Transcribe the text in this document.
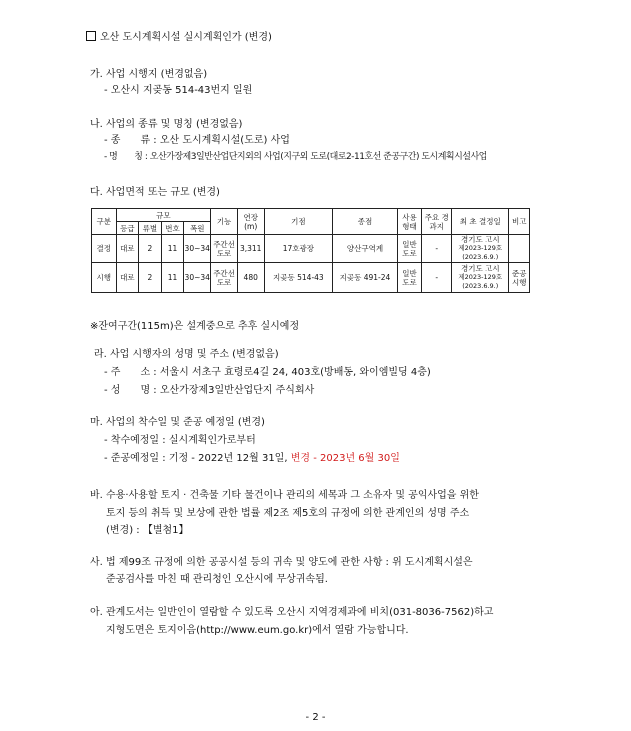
오산 도시계획시설 실시계획인가 (변경)
가. 사업 시행지 (변경없음)
- 오산시 지곶동 514-43번지 일원
나. 사업의 종류 및 명칭 (변경없음)
- 종　　류 : 오산 도시계획시설(도로) 사업
- 명　　칭 : 오산가장제3일반산업단지외의 사업(지구외 도로(대로2-11호선 준공구간) 도시계획시설사업
다. 사업면적 또는 규모 (변경)
구분	규모				기능	연장 (m)	기점	종점	사용 형태	주요 경과지	최 초 결정일	비고
	등급	류별	번호	폭원								
결정	대로	2	11	30~34	주간선 도로	3,311	17호광장	양산구역계	일반 도로	-	경기도 고시
제2023-129호
(2023.6.9.)	

시행	대로	2	11	30~34	주간선 도로	480	지곶동 514-43	지곶동 491-24	일반 도로	-	경기도 고시
제2023-129호
(2023.6.9.)	준공 시행
※잔여구간(115m)은 설계중으로 추후 실시예정
라. 사업 시행자의 성명 및 주소 (변경없음)
- 주　　소 : 서울시 서초구 효령로4길 24, 403호(방배동, 와이엠빌딩 4층)
- 성　　명 : 오산가장제3일반산업단지 주식회사
마. 사업의 착수일 및 준공 예정일 (변경)
- 착수예정일 : 실시계획인가로부터
- 준공예정일 : 기정 - 2022년 12월 31일, 변경 - 2023년 6월 30일
바. 수용·사용할 토지 · 건축물 기타 물건이나 관리의 세목과 그 소유자 및 공익사업을 위한
토지 등의 취득 및 보상에 관한 법률 제2조 제5호의 규정에 의한 관계인의 성명 주소
(변경) : 【별첨1】
사. 법 제99조 규정에 의한 공공시설 등의 귀속 및 양도에 관한 사항 : 위 도시계획시설은
준공검사를 마친 때 관리청인 오산시에 무상귀속됨.
아. 관계도서는 일반인이 열람할 수 있도록 오산시 지역경제과에 비치(031-8036-7562)하고
지형도면은 토지이음(http://www.eum.go.kr)에서 열람 가능합니다.
- 2 -
